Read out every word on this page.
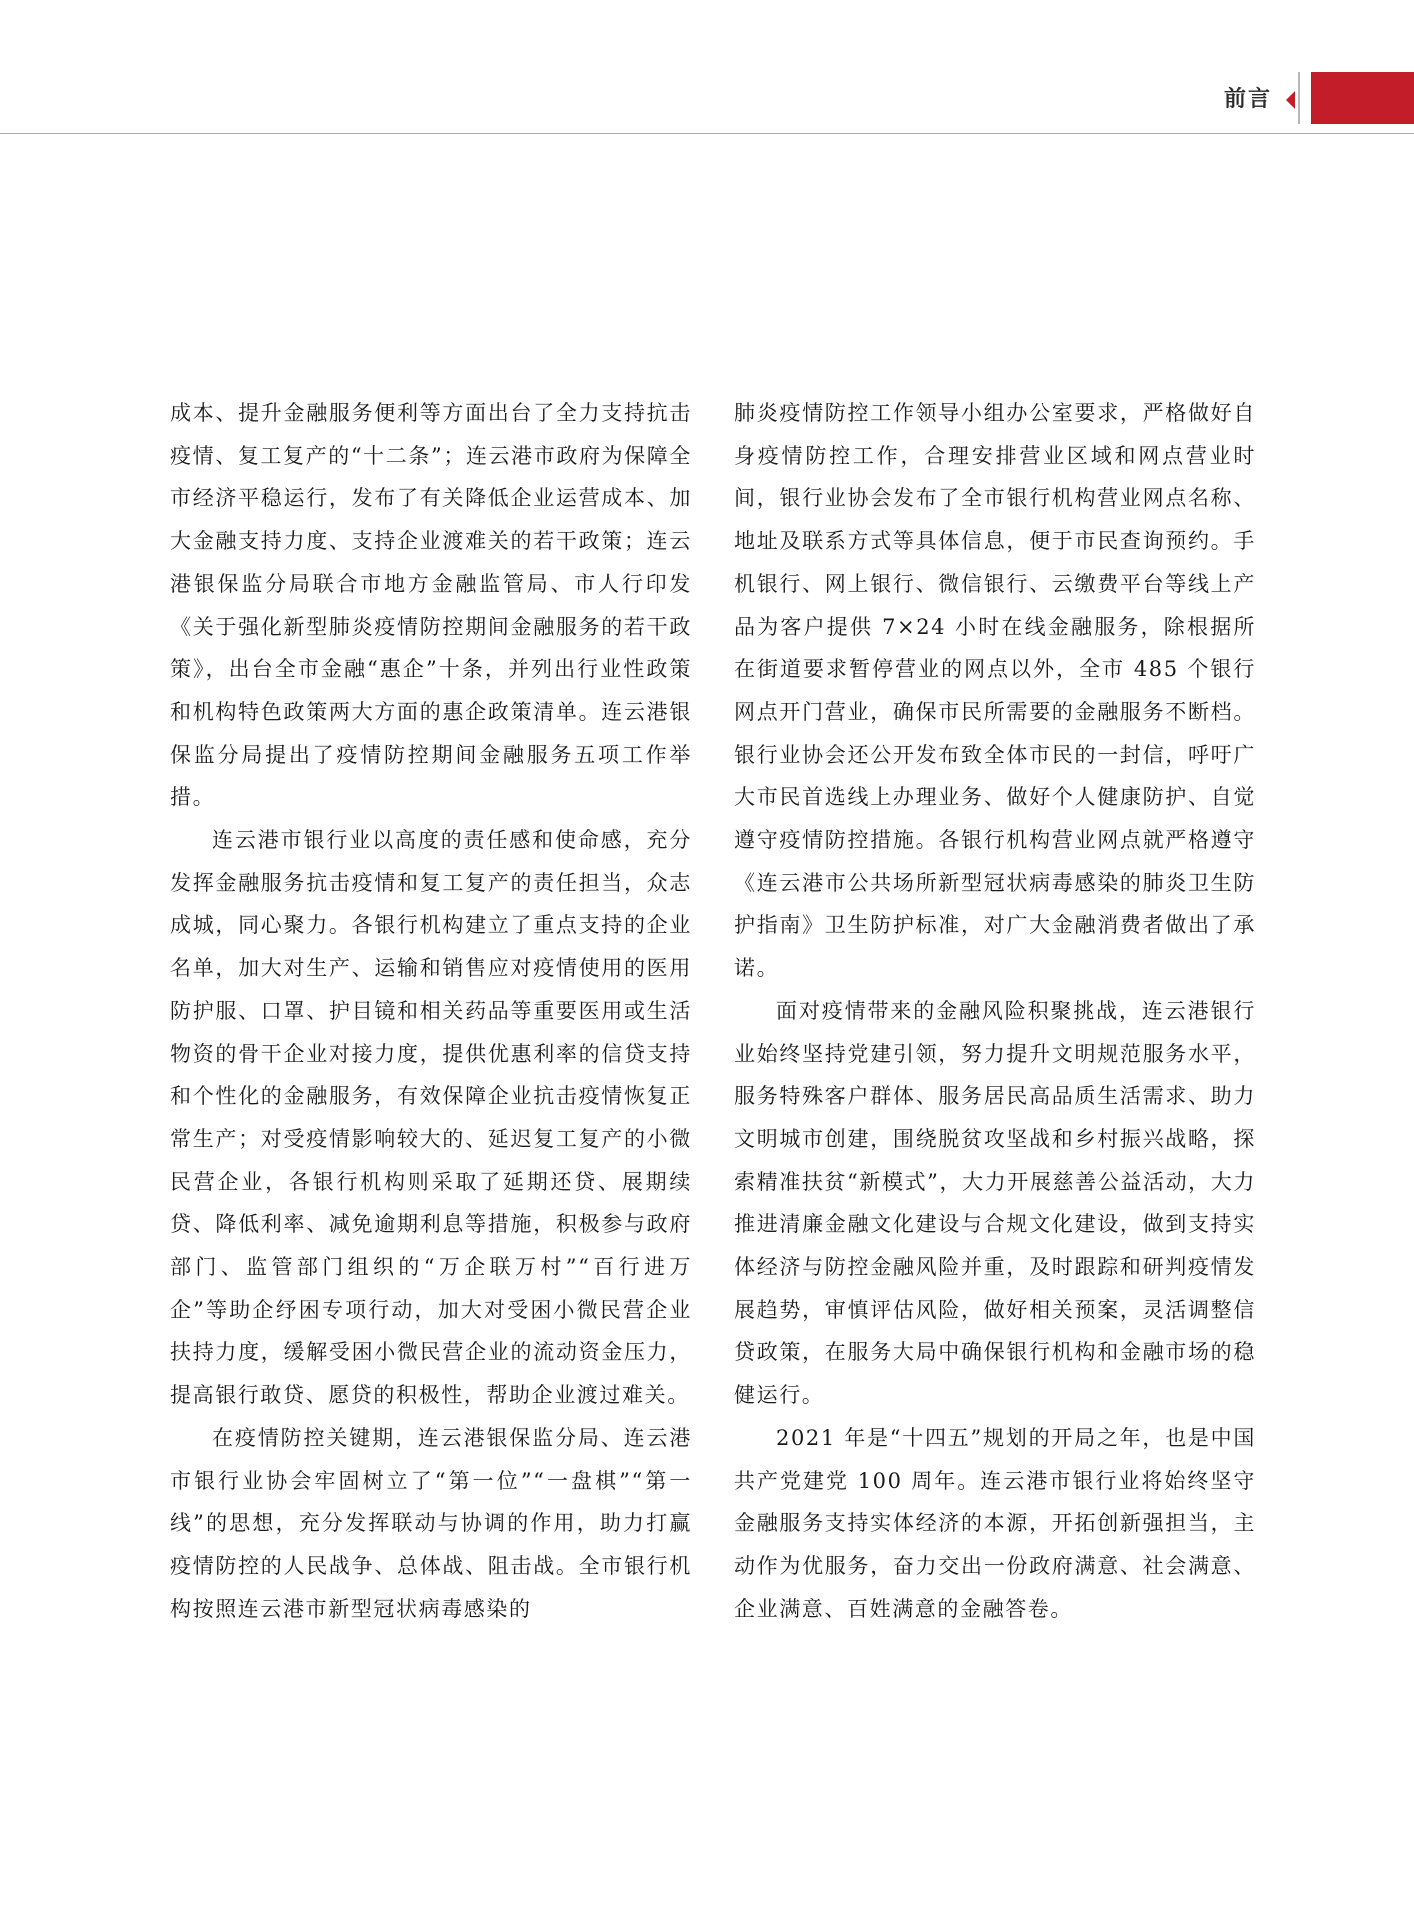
前言

成本、提升金融服务便利等方面出台了全力支持抗击疫情、复工复产的“十二条”；连云港市政府为保障全市经济平稳运行，发布了有关降低企业运营成本、加大金融支持力度、支持企业渡难关的若干政策；连云港银保监分局联合市地方金融监管局、市人行印发《关于强化新型肺炎疫情防控期间金融服务的若干政策》，出台全市金融“惠企”十条，并列出行业性政策和机构特色政策两大方面的惠企政策清单。连云港银保监分局提出了疫情防控期间金融服务五项工作举措。

连云港市银行业以高度的责任感和使命感，充分发挥金融服务抗击疫情和复工复产的责任担当，众志成城，同心聚力。各银行机构建立了重点支持的企业名单，加大对生产、运输和销售应对疫情使用的医用防护服、口罩、护目镜和相关药品等重要医用或生活物资的骨干企业对接力度，提供优惠利率的信贷支持和个性化的金融服务，有效保障企业抗击疫情恢复正常生产；对受疫情影响较大的、延迟复工复产的小微民营企业，各银行机构则采取了延期还贷、展期续贷、降低利率、减免逾期利息等措施，积极参与政府部门、监管部门组织的“万企联万村”“百行进万企”等助企纾困专项行动，加大对受困小微民营企业扶持力度，缓解受困小微民营企业的流动资金压力，提高银行敢贷、愿贷的积极性，帮助企业渡过难关。

在疫情防控关键期，连云港银保监分局、连云港市银行业协会牢固树立了“第一位”“一盘棋”“第一线”的思想，充分发挥联动与协调的作用，助力打赢疫情防控的人民战争、总体战、阻击战。全市银行机构按照连云港市新型冠状病毒感染的

肺炎疫情防控工作领导小组办公室要求，严格做好自身疫情防控工作，合理安排营业区域和网点营业时间，银行业协会发布了全市银行机构营业网点名称、地址及联系方式等具体信息，便于市民查询预约。手机银行、网上银行、微信银行、云缴费平台等线上产品为客户提供 7×24 小时在线金融服务，除根据所在街道要求暂停营业的网点以外，全市 485 个银行网点开门营业，确保市民所需要的金融服务不断档。银行业协会还公开发布致全体市民的一封信，呼吁广大市民首选线上办理业务、做好个人健康防护、自觉遵守疫情防控措施。各银行机构营业网点就严格遵守《连云港市公共场所新型冠状病毒感染的肺炎卫生防护指南》卫生防护标准，对广大金融消费者做出了承诺。

面对疫情带来的金融风险积聚挑战，连云港银行业始终坚持党建引领，努力提升文明规范服务水平，服务特殊客户群体、服务居民高品质生活需求、助力文明城市创建，围绕脱贫攻坚战和乡村振兴战略，探索精准扶贫“新模式”，大力开展慈善公益活动，大力推进清廉金融文化建设与合规文化建设，做到支持实体经济与防控金融风险并重，及时跟踪和研判疫情发展趋势，审慎评估风险，做好相关预案，灵活调整信贷政策，在服务大局中确保银行机构和金融市场的稳健运行。

2021 年是“十四五”规划的开局之年，也是中国共产党建党 100 周年。连云港市银行业将始终坚守金融服务支持实体经济的本源，开拓创新强担当，主动作为优服务，奋力交出一份政府满意、社会满意、企业满意、百姓满意的金融答卷。
